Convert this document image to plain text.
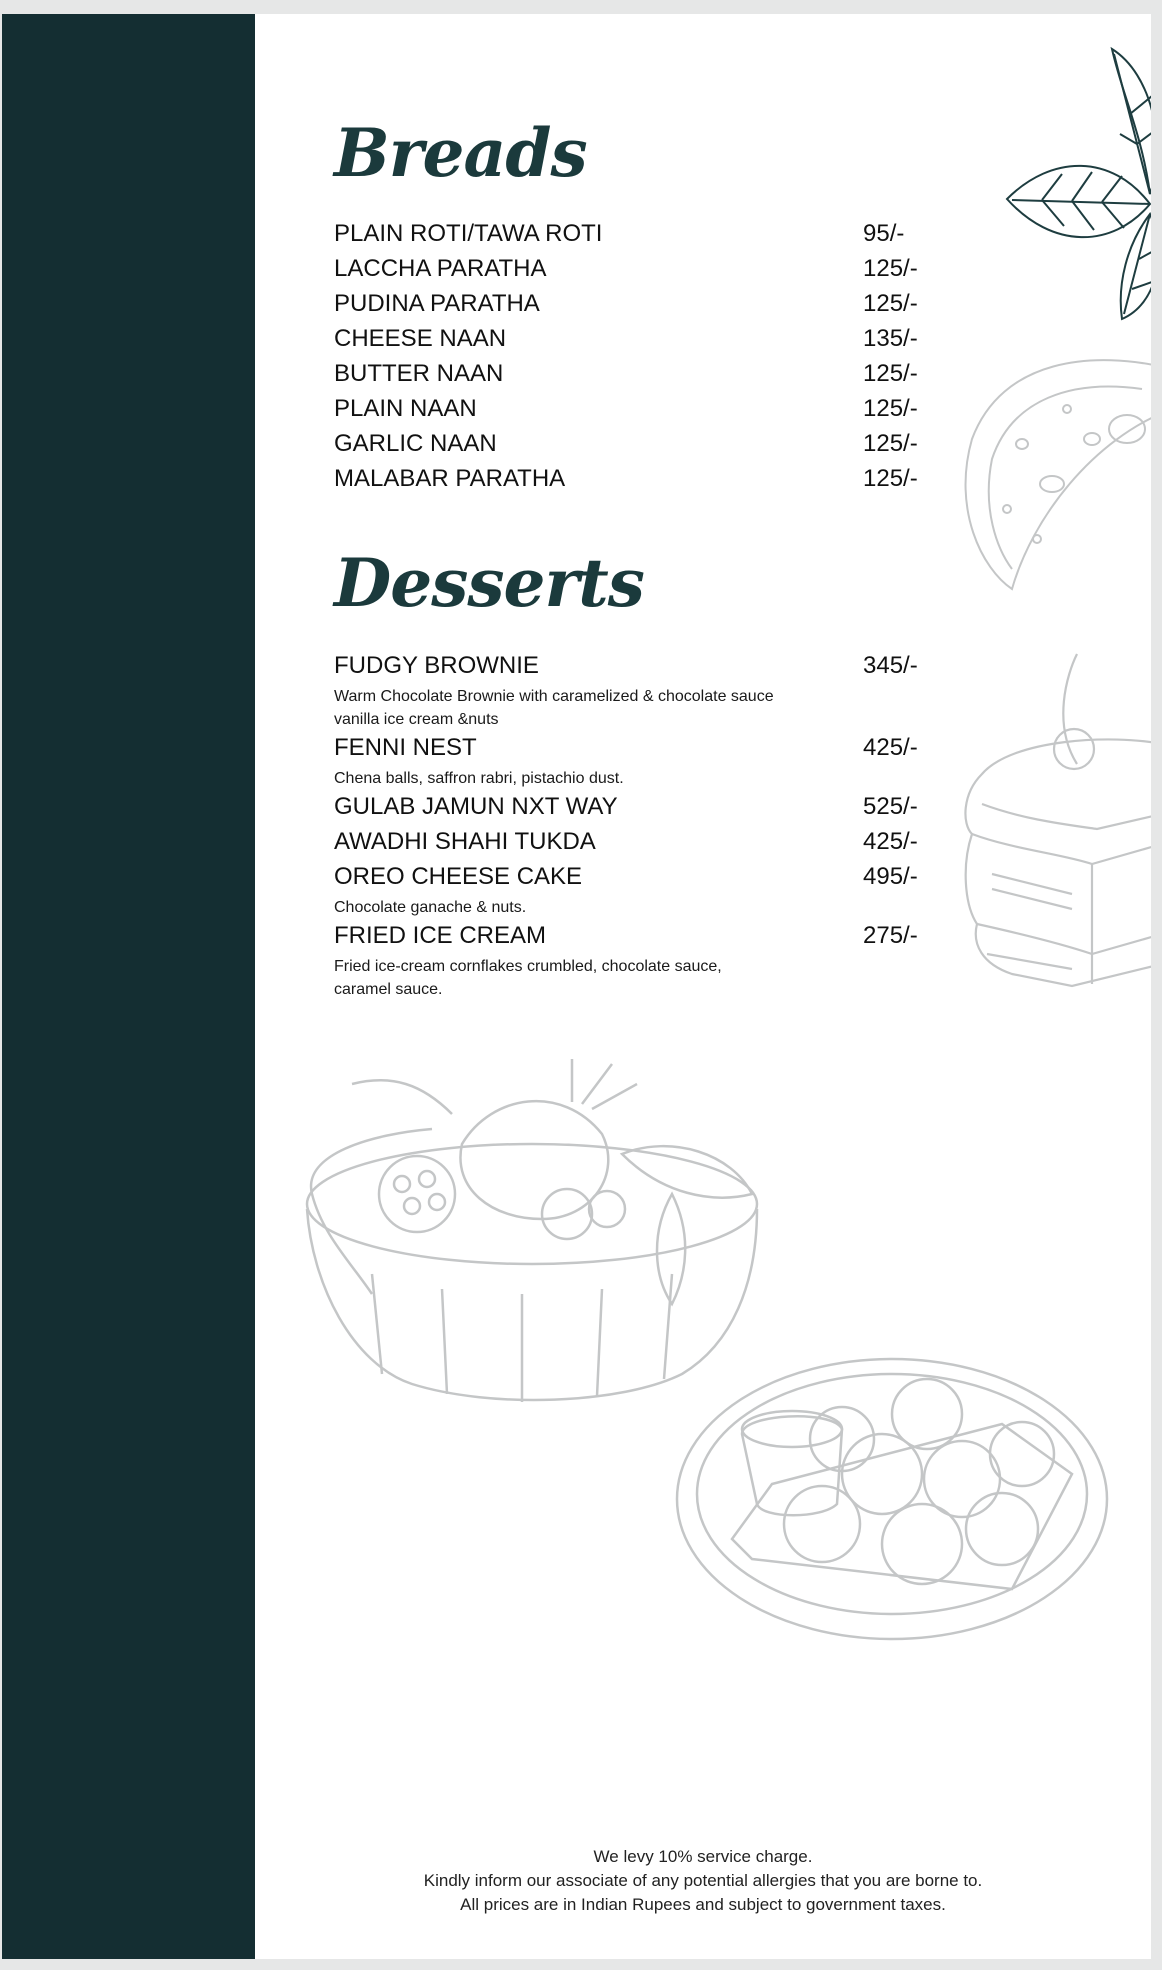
Breads
PLAIN ROTI/TAWA ROTI	95/-
LACCHA PARATHA	125/-
PUDINA PARATHA	125/-
CHEESE NAAN	135/-
BUTTER NAAN	125/-
PLAIN NAAN	125/-
GARLIC NAAN	125/-
MALABAR PARATHA	125/-
Desserts
FUDGY BROWNIE	345/-
Warm Chocolate Brownie with caramelized & chocolate sauce vanilla ice cream &nuts
FENNI NEST	425/-
Chena balls, saffron rabri, pistachio dust.
GULAB JAMUN NXT WAY	525/-
AWADHI SHAHI TUKDA	425/-
OREO CHEESE CAKE	495/-
Chocolate ganache & nuts.
FRIED ICE CREAM	275/-
Fried ice-cream cornflakes crumbled, chocolate sauce, caramel sauce.
We levy 10% service charge.
Kindly inform our associate of any potential allergies that you are borne to.
All prices are in Indian Rupees and subject to government taxes.
